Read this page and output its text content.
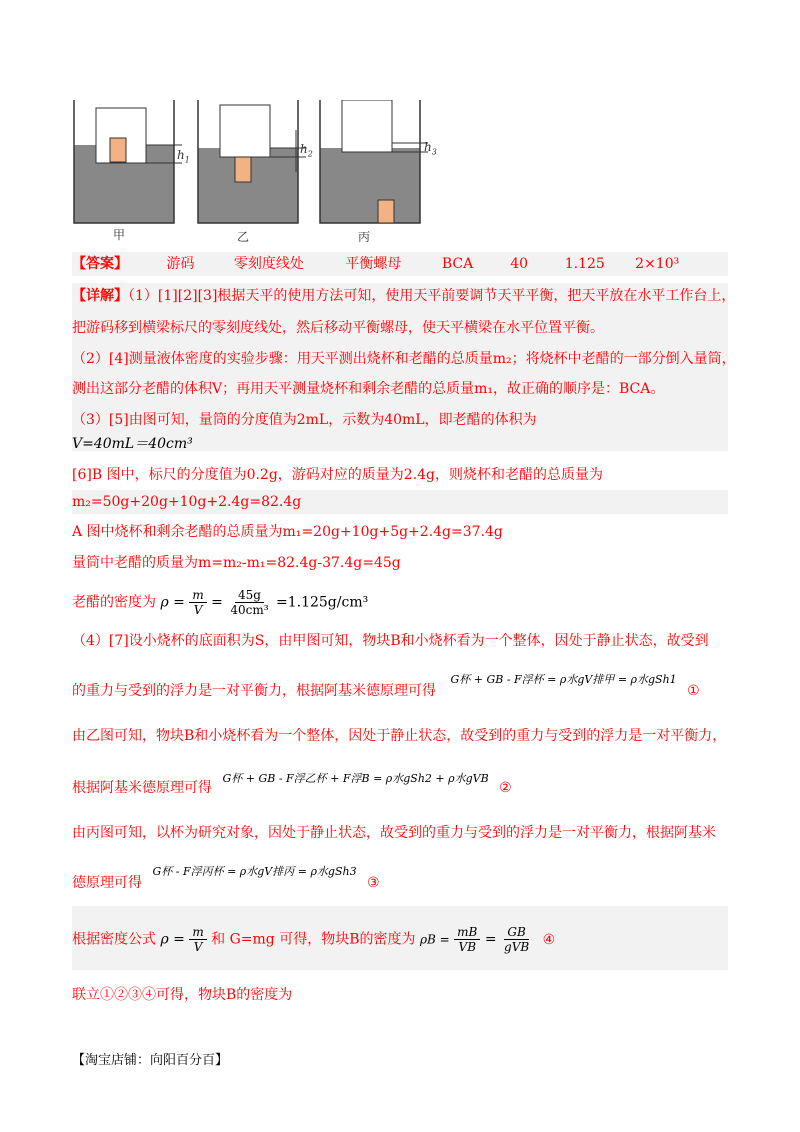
$h_1$
$h_2$	$h_3$
甲	乙	丙
【答案】	游码	零刻度线处	平衡螺母	BCA	40	1.125 2×10³
【详解】（1）[1][2][3]根据天平的使用方法可知，使用天平前要调节天平平衡，把天平放在水平工作台上，
把游码移到横梁标尺的零刻度线处，然后移动平衡螺母，使天平横梁在水平位置平衡。
（2）[4]测量液体密度的实验步骤：用天平测出烧杯和老醋的总质量m₂；将烧杯中老醋的一部分倒入量筒，
测出这部分老醋的体积V；再用天平测量烧杯和剩余老醋的总质量m₁，故正确的顺序是：BCA。
（3）[5]由图可知，量筒的分度值为2mL，示数为40mL，即老醋的体积为
V=40mL＝40cm³
[6]B 图中，标尺的分度值为0.2g，游码对应的质量为2.4g，则烧杯和老醋的总质量为
m₂=50g+20g+10g+2.4g=82.4g
A 图中烧杯和剩余老醋的总质量为m₁=20g+10g+5g+2.4g=37.4g
量筒中老醋的质量为m=m₂-m₁=82.4g-37.4g=45g
老醋的密度为 $\rho = \frac{m}{V} = \frac{45g}{\text{40cm³}} =1.125g/cm^3$
（4）[7]设小烧杯的底面积为S，由甲图可知，物块B和小烧杯看为一个整体，因处于静止状态，故受到
的重力与受到的浮力是一对平衡力，根据阿基米德原理可得 $^{G杯 + GB - F浮杯 = \rho 水gV排甲 = \rho 水gSh1}$ ①
由乙图可知，物块B和小烧杯看为一个整体，因处于静止状态，故受到的重力与受到的浮力是一对平衡力，
根据阿基米德原理可得 $^{G杯 + GB - F浮乙杯 + F浮B = \rho 水gSh2 + \rho 水gVB}$ ②
由丙图可知，以杯为研究对象，因处于静止状态，故受到的重力与受到的浮力是一对平衡力，根据阿基米
德原理可得 $^{G杯 - F浮丙杯 = \rho 水gV排丙 = \rho 水gSh3}$ ③
根据密度公式 $\rho = \frac{m}{V}$ 和 G=mg 可得，物块B的密度为 $\rho B = \frac{mB}{VB} = \frac{GB}{\text{gVB}}$ ④
联立①②③④可得，物块B的密度为
【淘宝店铺：向阳百分百】
